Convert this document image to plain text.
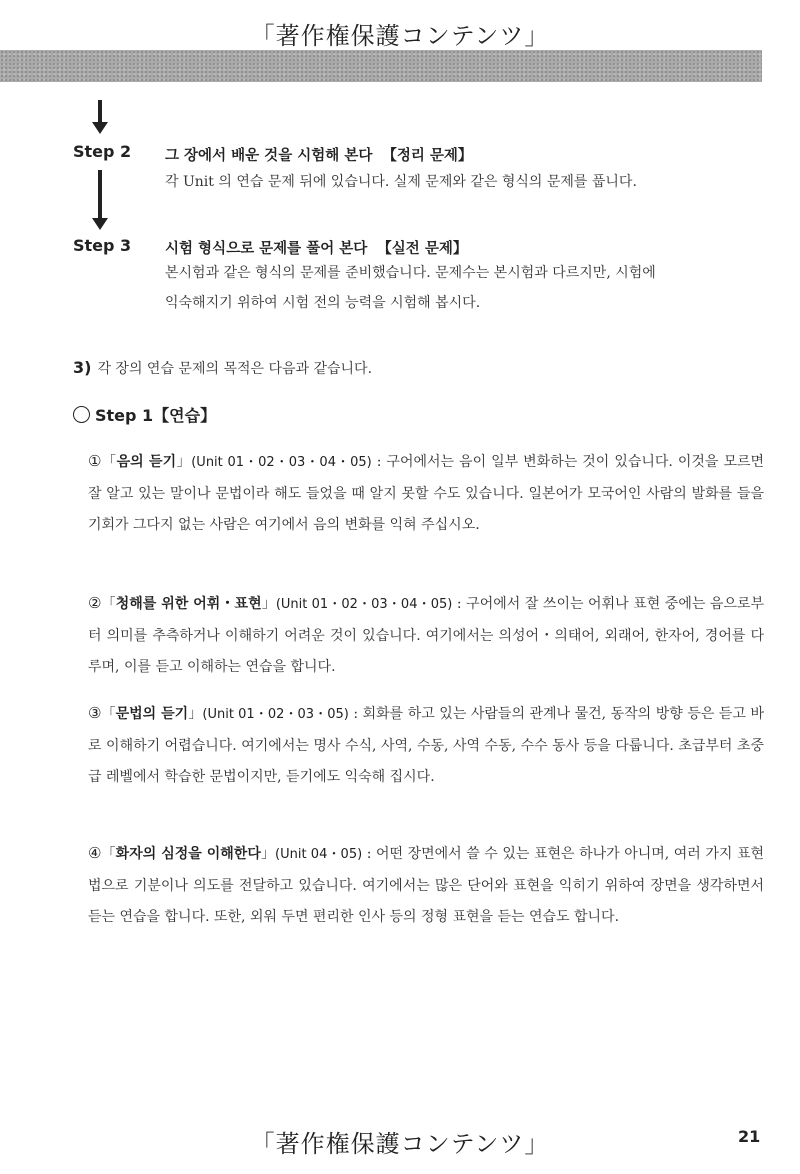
「著作権保護コンテンツ」
Step 2 그 장에서 배운 것을 시험해 본다 【정리 문제】
각 Unit 의 연습 문제 뒤에 있습니다. 실제 문제와 같은 형식의 문제를 풉니다.
Step 3 시험 형식으로 문제를 풀어 본다 【실전 문제】
본시험과 같은 형식의 문제를 준비했습니다. 문제수는 본시험과 다르지만, 시험에
익숙해지기 위하여 시험 전의 능력을 시험해 봅시다.
3) 각 장의 연습 문제의 목적은 다음과 같습니다.
Step 1【연습】
①「음의 듣기」(Unit 01・02・03・04・05) : 구어에서는 음이 일부 변화하는 것이 있습니다. 이것을 모르면 잘 알고 있는 말이나 문법이라 해도 들었을 때 알지 못할 수도 있습니다. 일본어가 모국어인 사람의 발화를 들을 기회가 그다지 없는 사람은 여기에서 음의 변화를 익혀 주십시오.
②「청해를 위한 어휘・표현」(Unit 01・02・03・04・05) : 구어에서 잘 쓰이는 어휘나 표현 중에는 음으로부터 의미를 추측하거나 이해하기 어려운 것이 있습니다. 여기에서는 의성어・의태어, 외래어, 한자어, 경어를 다루며, 이를 듣고 이해하는 연습을 합니다.
③「문법의 듣기」(Unit 01・02・03・05) : 회화를 하고 있는 사람들의 관계나 물건, 동작의 방향 등은 듣고 바로 이해하기 어렵습니다. 여기에서는 명사 수식, 사역, 수동, 사역 수동, 수수 동사 등을 다룹니다. 초급부터 초중급 레벨에서 학습한 문법이지만, 듣기에도 익숙해 집시다.
④「화자의 심정을 이해한다」(Unit 04・05) : 어떤 장면에서 쓸 수 있는 표현은 하나가 아니며, 여러 가지 표현법으로 기분이나 의도를 전달하고 있습니다. 여기에서는 많은 단어와 표현을 익히기 위하여 장면을 생각하면서 듣는 연습을 합니다. 또한, 외워 두면 편리한 인사 등의 정형 표현을 듣는 연습도 합니다.
「著作権保護コンテンツ」	21
